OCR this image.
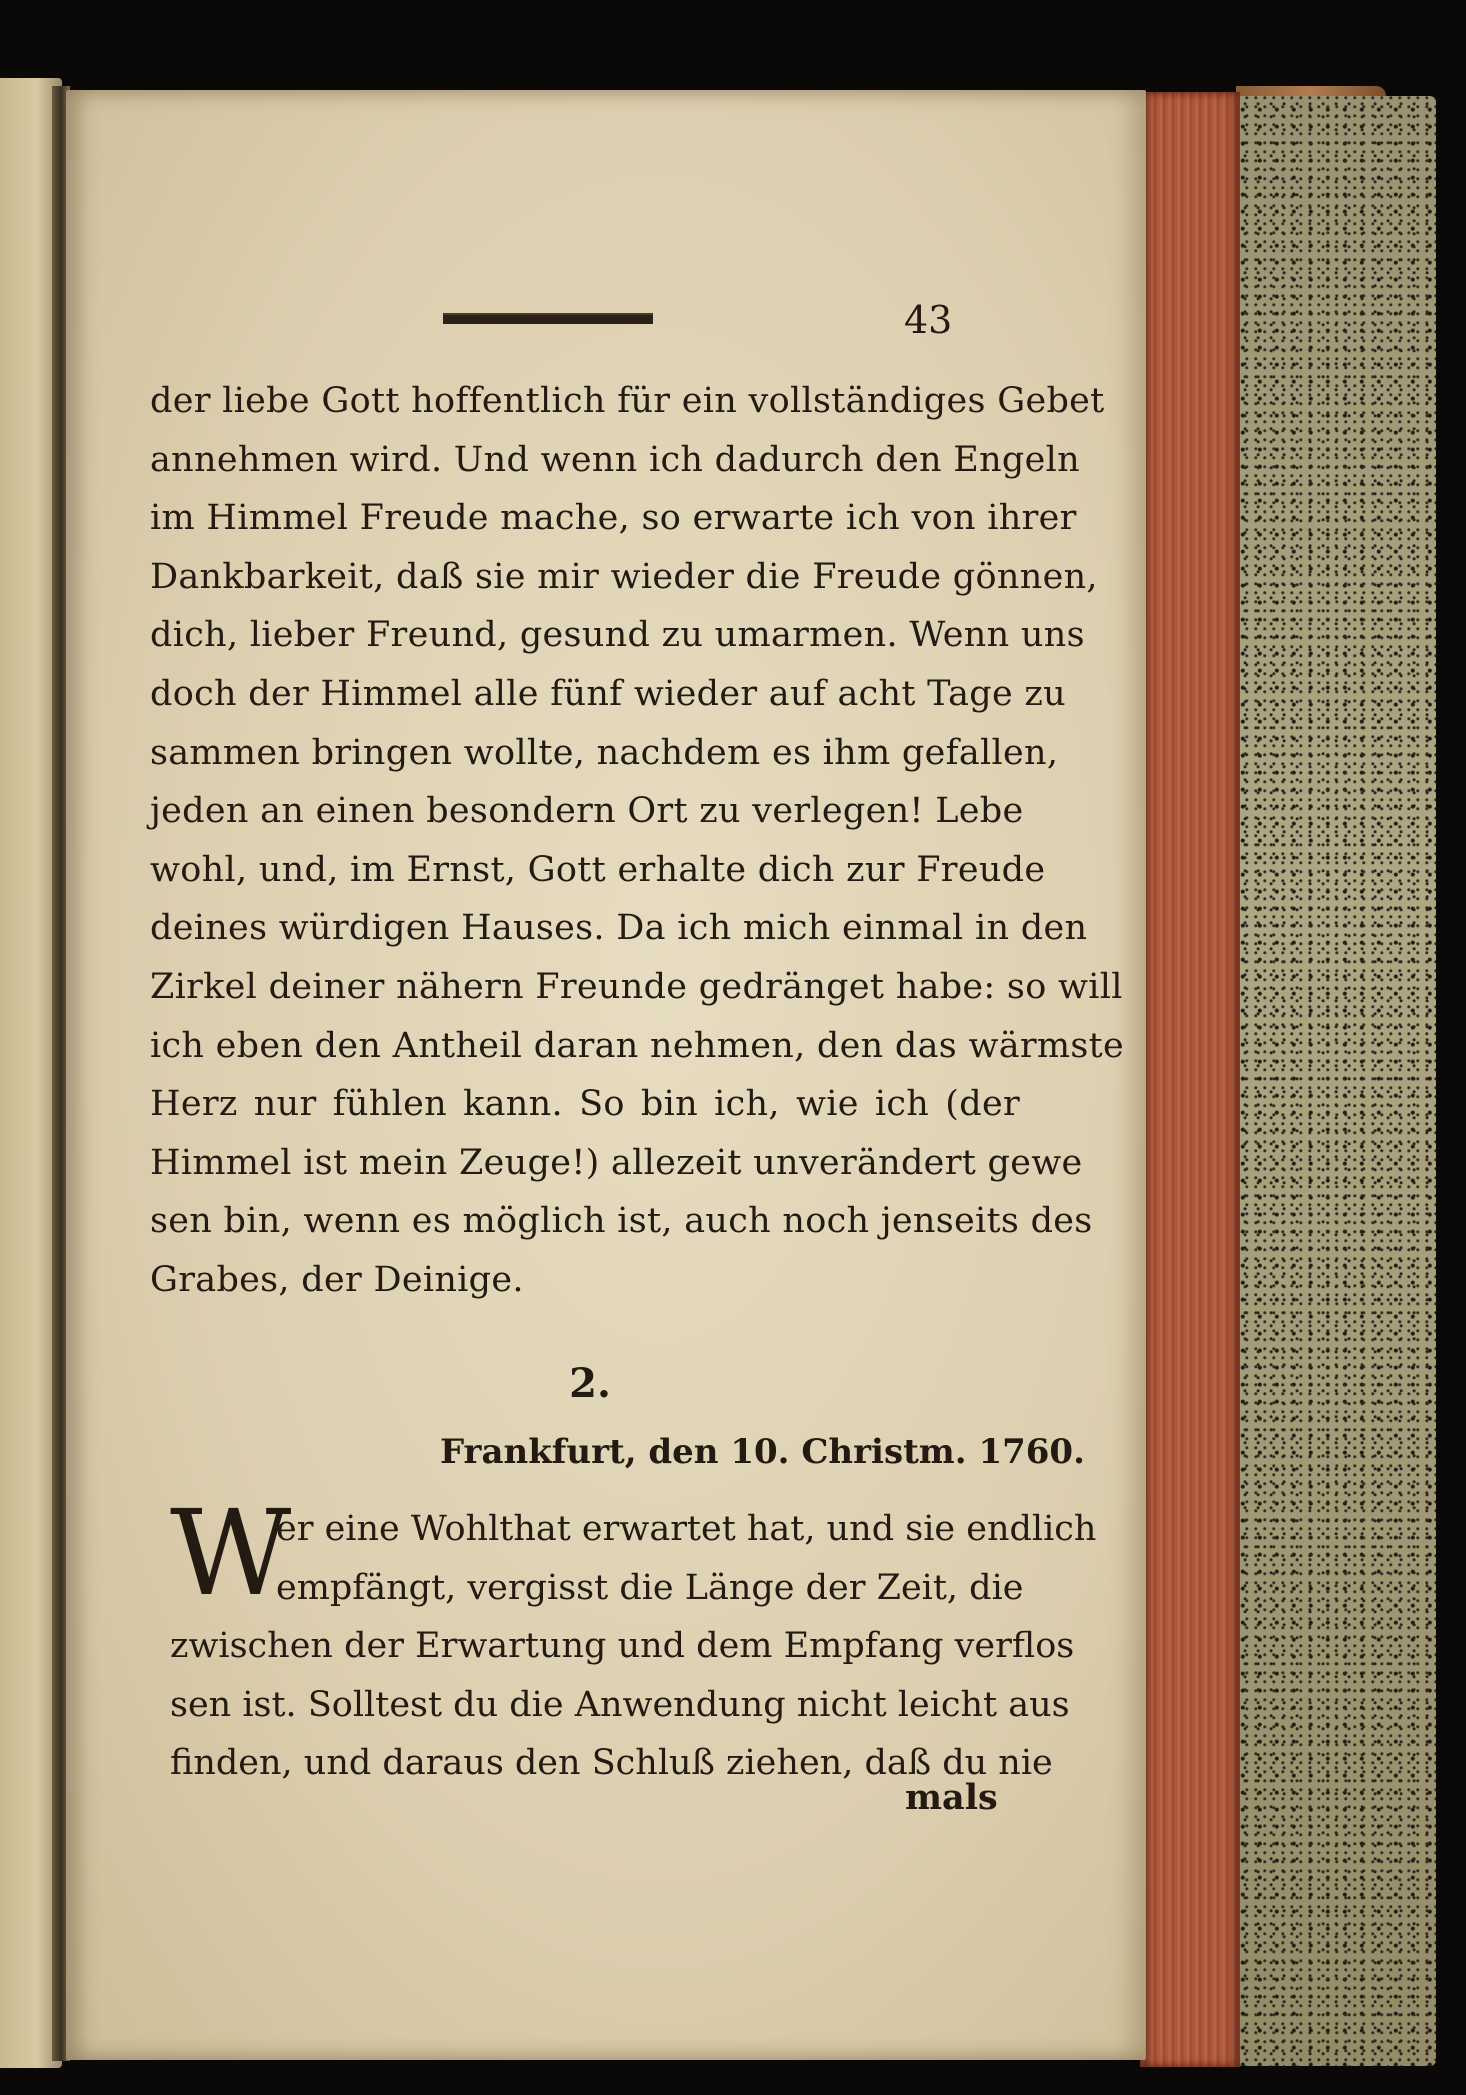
43
der liebe Gott hoffentlich für ein vollständiges Gebet
annehmen wird. Und wenn ich dadurch den Engeln
im Himmel Freude mache, so erwarte ich von ihrer
Dankbarkeit, daß sie mir wieder die Freude gönnen,
dich, lieber Freund, gesund zu umarmen. Wenn uns
doch der Himmel alle fünf wieder auf acht Tage zu
sammen bringen wollte, nachdem es ihm gefallen,
jeden an einen besondern Ort zu verlegen! Lebe
wohl, und, im Ernst, Gott erhalte dich zur Freude
deines würdigen Hauses. Da ich mich einmal in den
Zirkel deiner nähern Freunde gedränget habe: so will
ich eben den Antheil daran nehmen, den das wärmste
Herz nur fühlen kann. So bin ich, wie ich (der
Himmel ist mein Zeuge!) allezeit unverändert gewe
sen bin, wenn es möglich ist, auch noch jenseits des
Grabes, der Deinige.
2.
Frankfurt, den 10. Christm. 1760.
W
er eine Wohlthat erwartet hat, und sie endlich
empfängt, vergisst die Länge der Zeit, die
zwischen der Erwartung und dem Empfang verflos
sen ist. Solltest du die Anwendung nicht leicht aus
finden, und daraus den Schluß ziehen, daß du nie
mals
